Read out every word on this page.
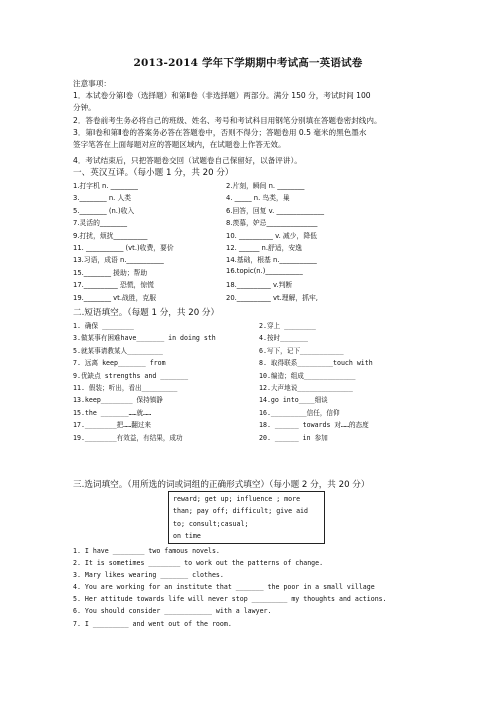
2013-2014 学年下学期期中考试高一英语试卷
注意事项：
1．本试卷分第Ⅰ卷（选择题）和第Ⅱ卷（非选择题）两部分。满分 150 分，考试时间 100
分钟。
2．答卷前考生务必将自己的班级、姓名、考号和考试科目用钢笔分别填在答题卷密封线内。
3．第Ⅰ卷和第Ⅱ卷的答案务必答在答题卷中，否则不得分；答题卷用 0.5 毫米的黑色墨水
签字笔答在上面每题对应的答题区域内，在试题卷上作答无效。
4．考试结束后，只把答题卷交回（试题卷自己保留好，以备评讲）。
一、英汉互译。（每小题 1 分，共 20 分）
1.打字机 n. ________	2.片刻，瞬间 n. ________
3.________ n. 人类	4. _____ n. 鸟类，巢
5.________ (n.)收入	6.回答，回复 v. ______________
7.灵活的________	8.羡慕，妒忌_______________
9.打扰，烦扰__________	10. __________ v. 减少，降低
11. ___________ (vt.)收费，要价	12. ______ n.舒适，安逸
13.习语，成语 n.___________	14.基础，根基 n.___________
15.________ 援助；帮助	16.topic(n.)___________
17.__________ 恐慌，惊慌	18.__________ v.判断
19.________ vt.战胜，克服	20.__________ vt.理解，抓牢,
二.短语填空。（每题 1 分，共 20 分）
1. 确保 ________	2.穿上 ________
3.做某事有困难have_______ in doing sth	4.按时_______
5.就某事请教某人_________	6.写下，记下___________
7. 远离 keep_______ from	8. 取得联系_________touch with
9.优缺点 strengths and _______	10.编造；组成_____________
11. 假装；听出，看出_________	12.大声地说______________
13.keep________ 保持镇静	14.go into____细谈
15.the _______……就……	16._________信任，信仰
17.________把……翻过来	18. ______ towards 对……的态度
19.________有效益，有结果，成功	20. ______ in 参加
三.选词填空。（用所选的词或词组的正确形式填空）（每小题 2 分，共 20 分）
reward; get up; influence ; more
than; pay off; difficult; give aid
to; consult;casual;
on time
1. I have ________ two famous novels.
2. It is sometimes ________ to work out the patterns of change.
3. Mary likes wearing _______ clothes.
4. You are working for an institute that _______ the poor in a small village
5. Her attitude towards life will never stop _________ my thoughts and actions.
6. You should consider ____________ with a lawyer.
7. I _________ and went out of the room.
